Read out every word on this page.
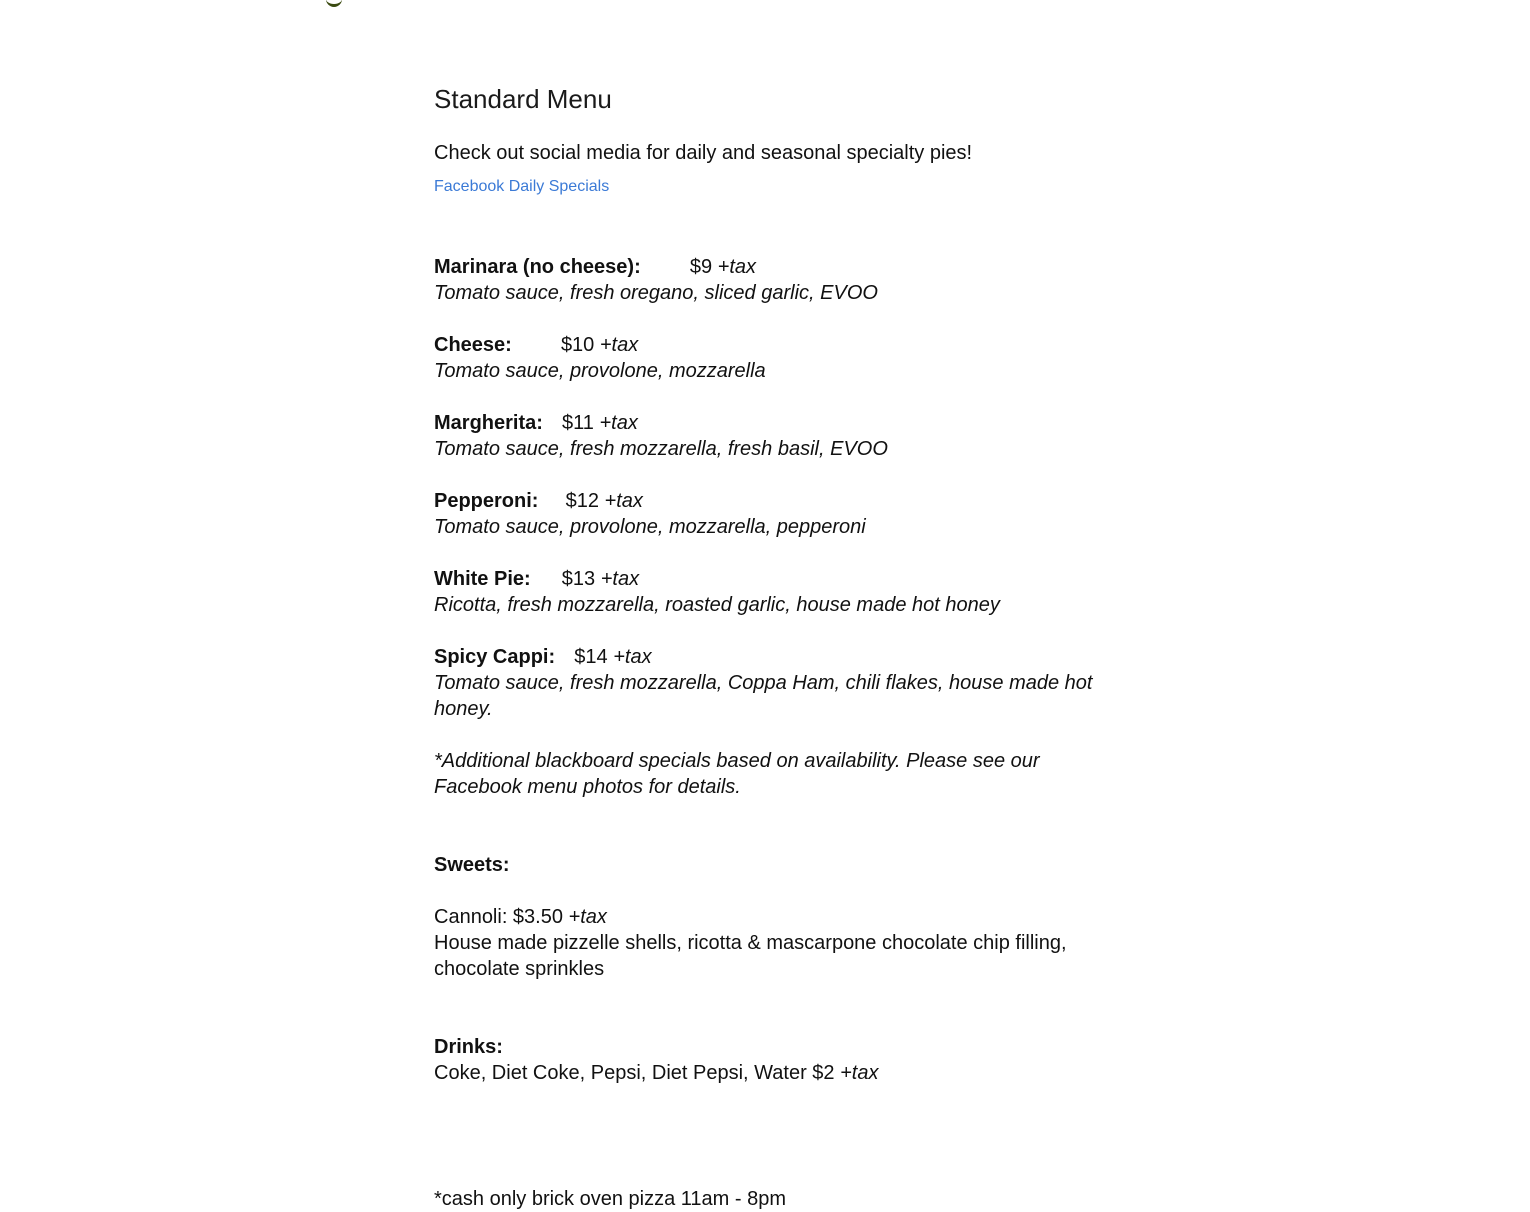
Standard Menu

Check out social media for daily and seasonal specialty pies!

Facebook Daily Specials
Marinara (no cheese): $9 +tax
Tomato sauce, fresh oregano, sliced garlic, EVOO
Cheese: $10 +tax
Tomato sauce, provolone, mozzarella
Margherita: $11 +tax
Tomato sauce, fresh mozzarella, fresh basil, EVOO
Pepperoni: $12 +tax
Tomato sauce, provolone, mozzarella, pepperoni
White Pie: $13 +tax
Ricotta, fresh mozzarella, roasted garlic, house made hot honey
Spicy Cappi: $14 +tax
Tomato sauce, fresh mozzarella, Coppa Ham, chili flakes, house made hot honey.
*Additional blackboard specials based on availability. Please see our Facebook menu photos for details.
Sweets:
Cannoli: $3.50 +tax
House made pizzelle shells, ricotta & mascarpone chocolate chip filling, chocolate sprinkles
Drinks:
Coke, Diet Coke, Pepsi, Diet Pepsi, Water $2 +tax
*cash only brick oven pizza 11am - 8pm
